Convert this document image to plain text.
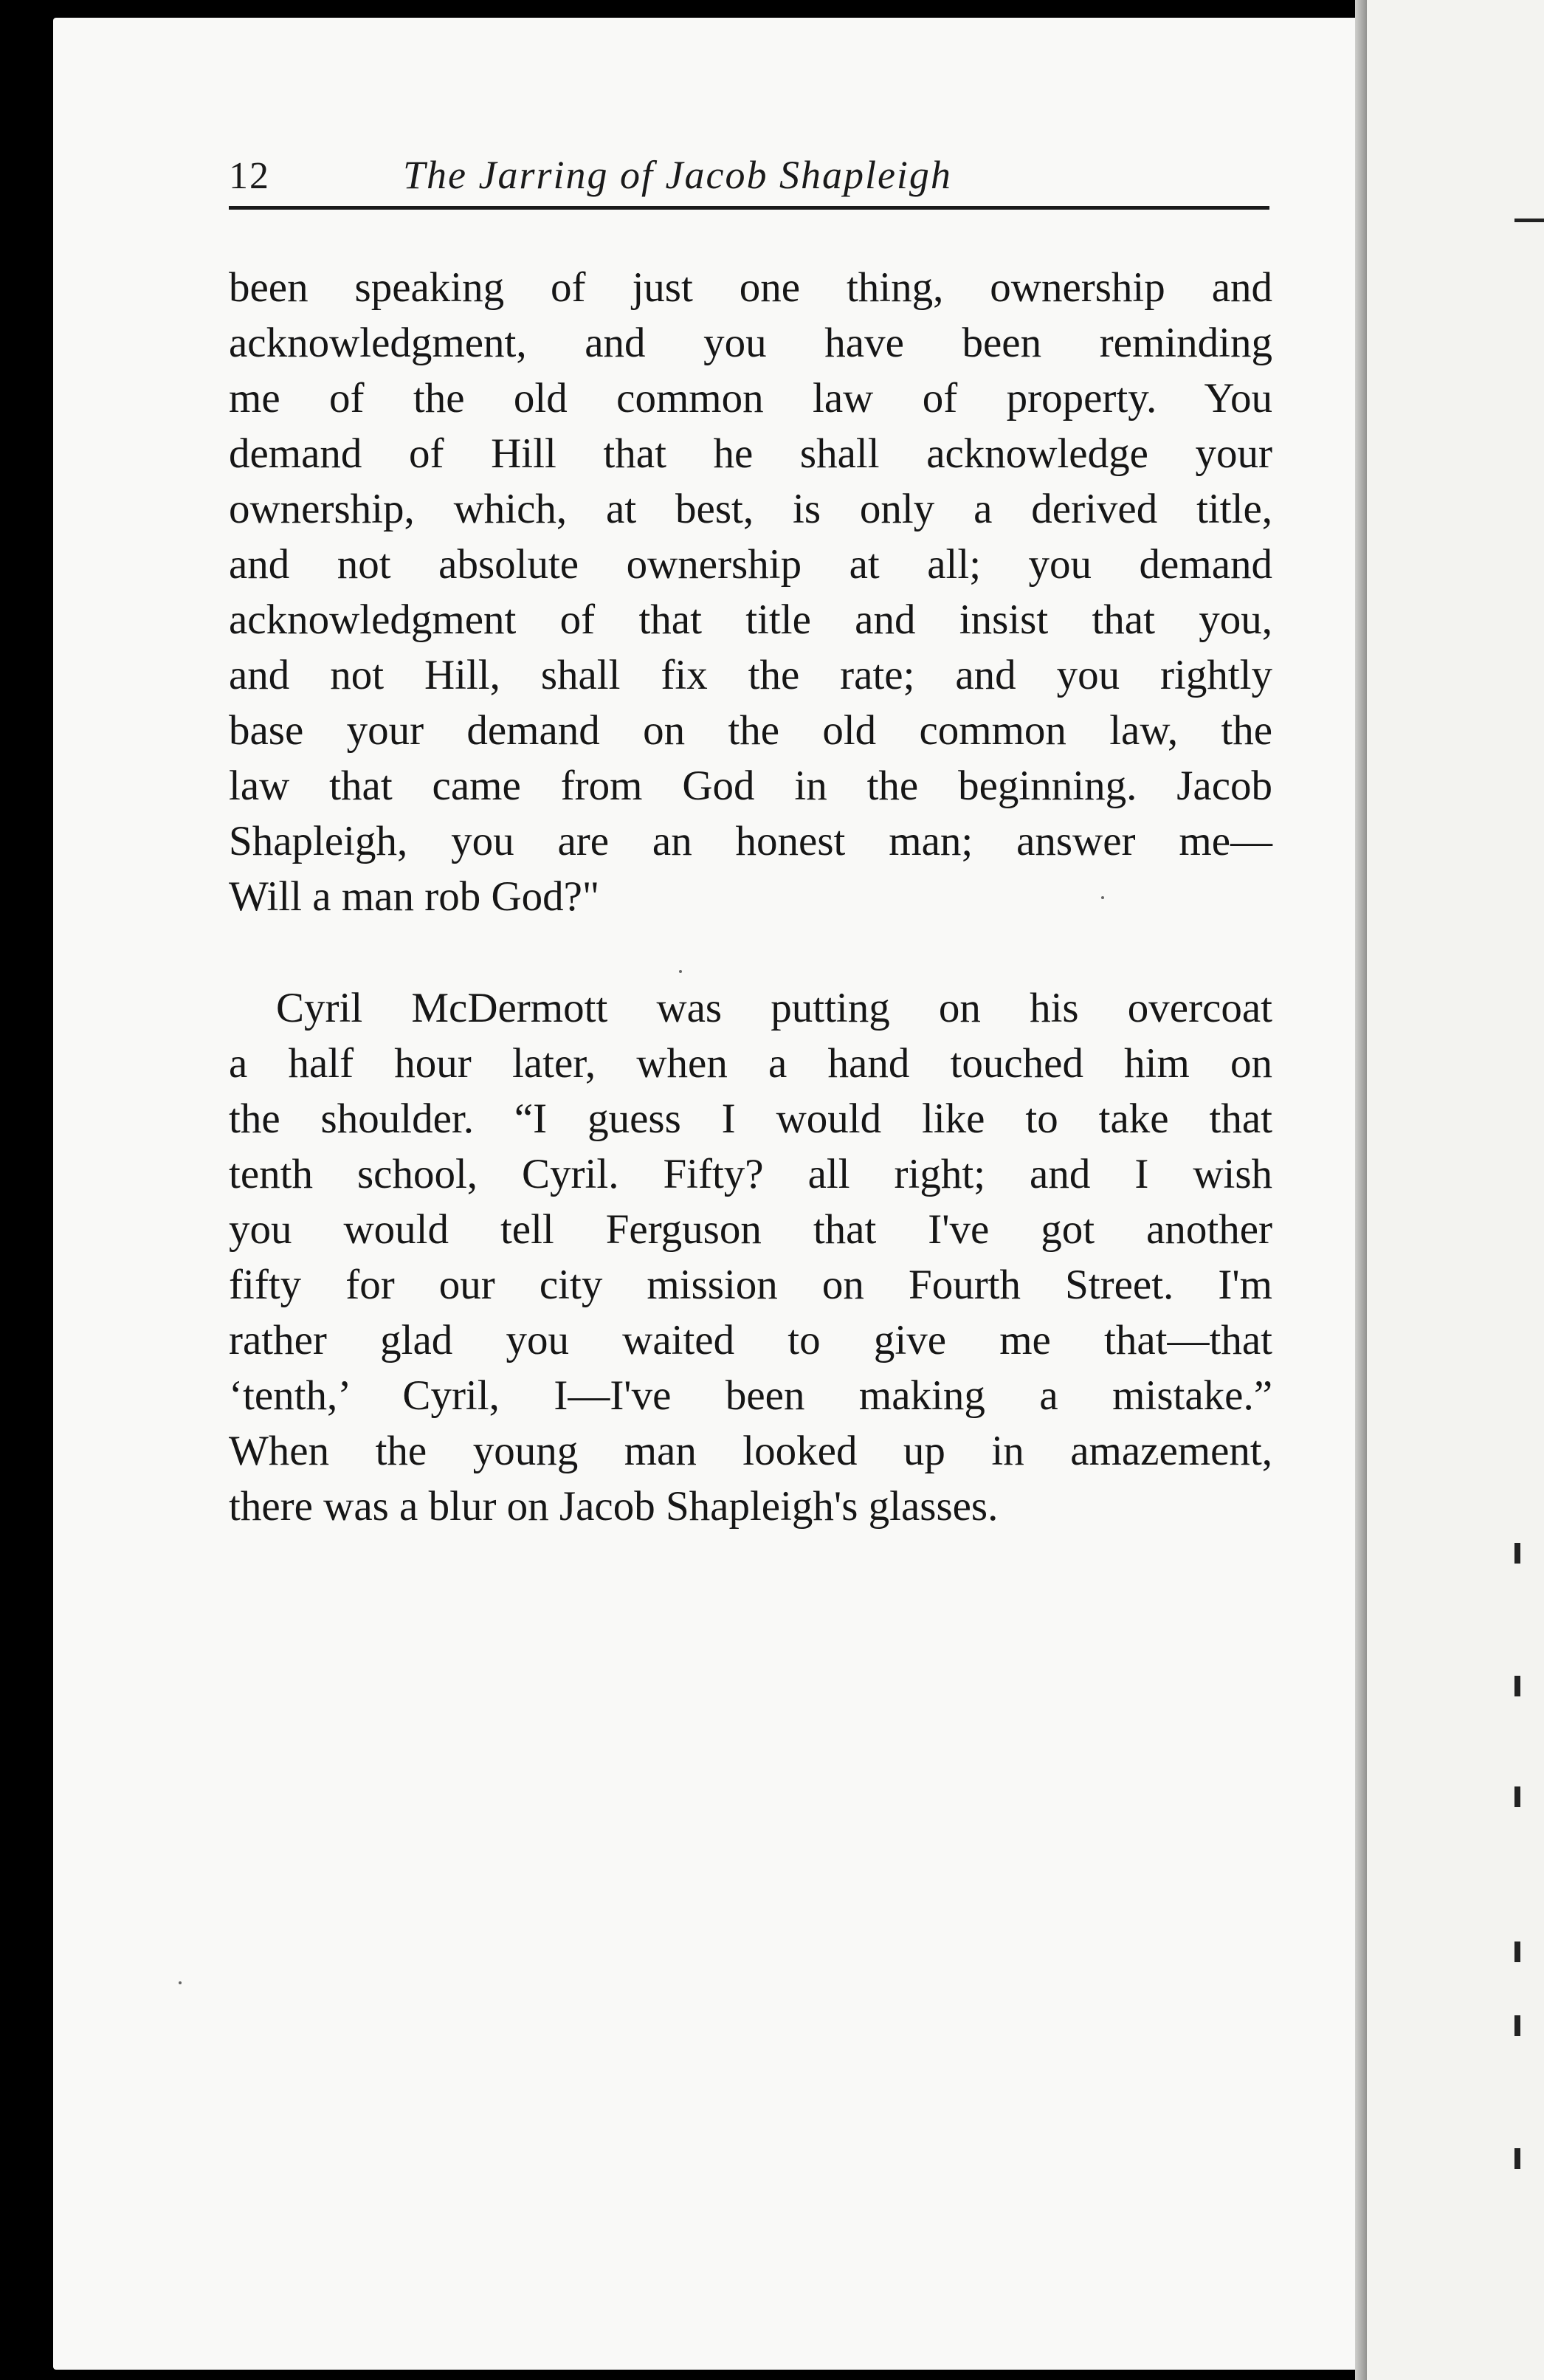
12	The Jarring of Jacob Shapleigh
been speaking of just one thing, ownership and
acknowledgment, and you have been reminding
me of the old common law of property. You
demand of Hill that he shall acknowledge your
ownership, which, at best, is only a derived title,
and not absolute ownership at all; you demand
acknowledgment of that title and insist that you,
and not Hill, shall fix the rate; and you rightly
base your demand on the old common law, the
law that came from God in the beginning. Jacob
Shapleigh, you are an honest man; answer me—
Will a man rob God?"
Cyril McDermott was putting on his overcoat
a half hour later, when a hand touched him on
the shoulder. “I guess I would like to take that
tenth school, Cyril. Fifty? all right; and I wish
you would tell Ferguson that I've got another
fifty for our city mission on Fourth Street. I'm
rather glad you waited to give me that—that
‘tenth,’ Cyril, I—I've been making a mistake.”
When the young man looked up in amazement,
there was a blur on Jacob Shapleigh's glasses.
